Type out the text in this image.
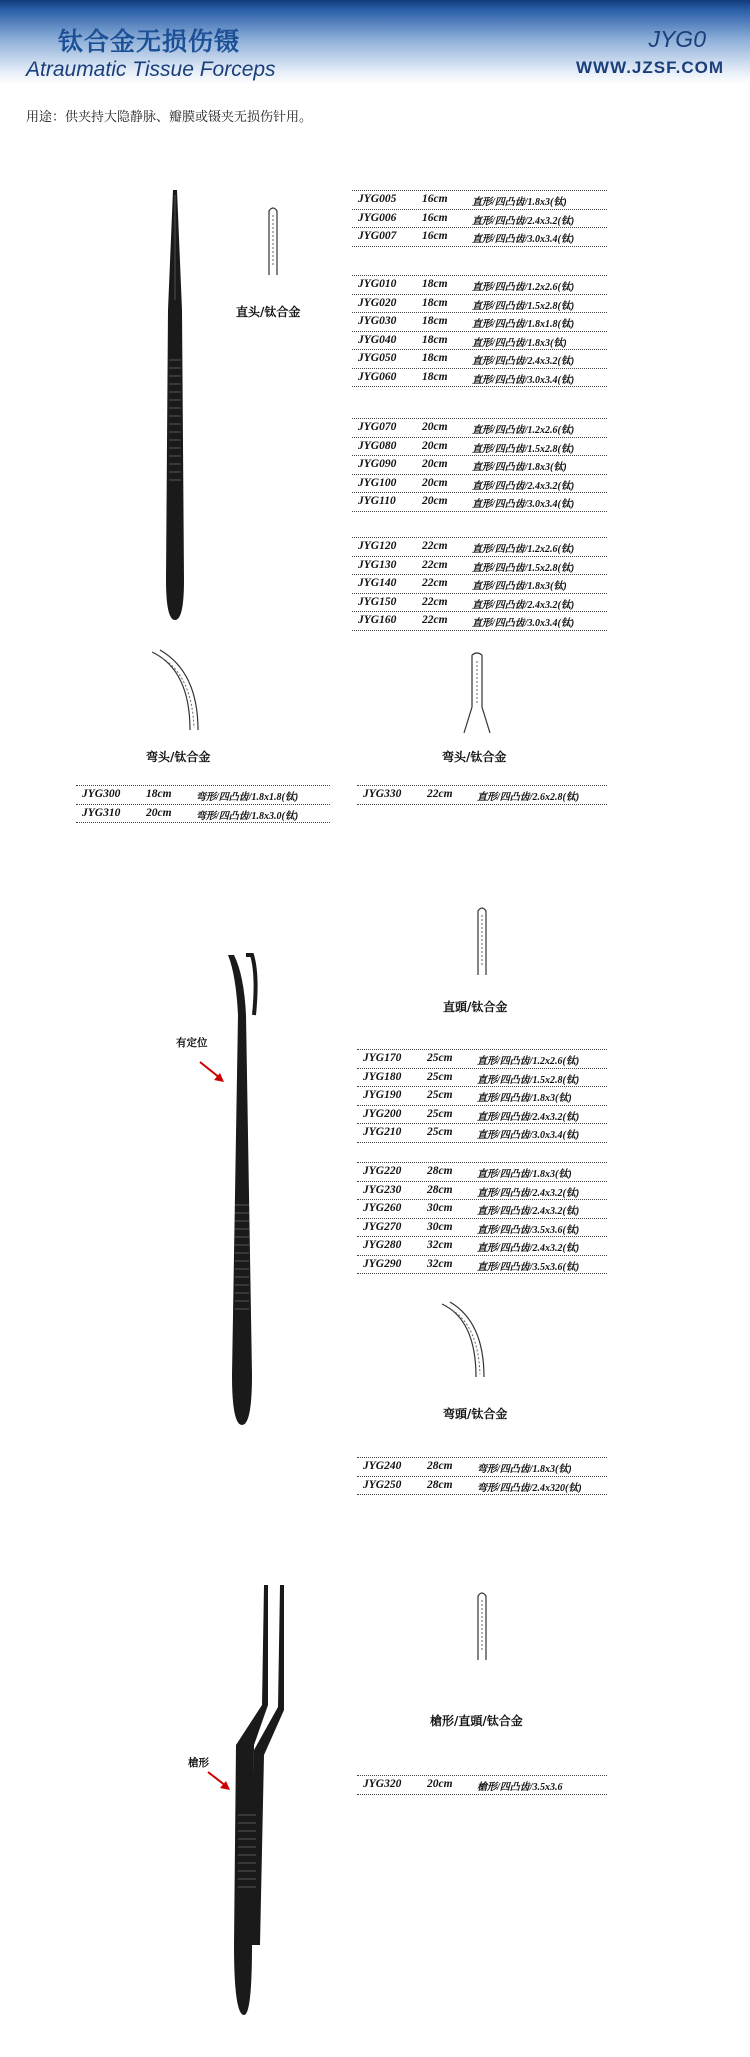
钛合金无损伤镊
Atraumatic Tissue Forceps
JYG0
WWW.JZSF.COM
用途：供夹持大隐静脉、瓣膜或镊夹无损伤针用。
直头/钛合金
JYG005 16cm 直形/四凸齿/1.8x3(钛)
JYG006 16cm 直形/四凸齿/2.4x3.2(钛)
JYG007 16cm 直形/四凸齿/3.0x3.4(钛)
JYG010 18cm 直形/四凸齿/1.2x2.6(钛)
JYG020 18cm 直形/四凸齿/1.5x2.8(钛)
JYG030 18cm 直形/四凸齿/1.8x1.8(钛)
JYG040 18cm 直形/四凸齿/1.8x3(钛)
JYG050 18cm 直形/四凸齿/2.4x3.2(钛)
JYG060 18cm 直形/四凸齿/3.0x3.4(钛)
JYG070 20cm 直形/四凸齿/1.2x2.6(钛)
JYG080 20cm 直形/四凸齿/1.5x2.8(钛)
JYG090 20cm 直形/四凸齿/1.8x3(钛)
JYG100 20cm 直形/四凸齿/2.4x3.2(钛)
JYG110 20cm 直形/四凸齿/3.0x3.4(钛)
JYG120 22cm 直形/四凸齿/1.2x2.6(钛)
JYG130 22cm 直形/四凸齿/1.5x2.8(钛)
JYG140 22cm 直形/四凸齿/1.8x3(钛)
JYG150 22cm 直形/四凸齿/2.4x3.2(钛)
JYG160 22cm 直形/四凸齿/3.0x3.4(钛)
弯头/钛合金	弯头/钛合金
JYG300 18cm 弯形/四凸齿/1.8x1.8(钛)
JYG310 20cm 弯形/四凸齿/1.8x3.0(钛)
JYG330 22cm 直形/四凸齿/2.6x2.8(钛)
有定位
直頭/钛合金
JYG170 25cm 直形/四凸齿/1.2x2.6(钛)
JYG180 25cm 直形/四凸齿/1.5x2.8(钛)
JYG190 25cm 直形/四凸齿/1.8x3(钛)
JYG200 25cm 直形/四凸齿/2.4x3.2(钛)
JYG210 25cm 直形/四凸齿/3.0x3.4(钛)
JYG220 28cm 直形/四凸齿/1.8x3(钛)
JYG230 28cm 直形/四凸齿/2.4x3.2(钛)
JYG260 30cm 直形/四凸齿/2.4x3.2(钛)
JYG270 30cm 直形/四凸齿/3.5x3.6(钛)
JYG280 32cm 直形/四凸齿/2.4x3.2(钛)
JYG290 32cm 直形/四凸齿/3.5x3.6(钛)
弯頭/钛合金
JYG240 28cm 弯形/四凸齿/1.8x3(钛)
JYG250 28cm 弯形/四凸齿/2.4x320(钛)
槍形
槍形/直頭/钛合金
JYG320 20cm 槍形/四凸齿/3.5x3.6
